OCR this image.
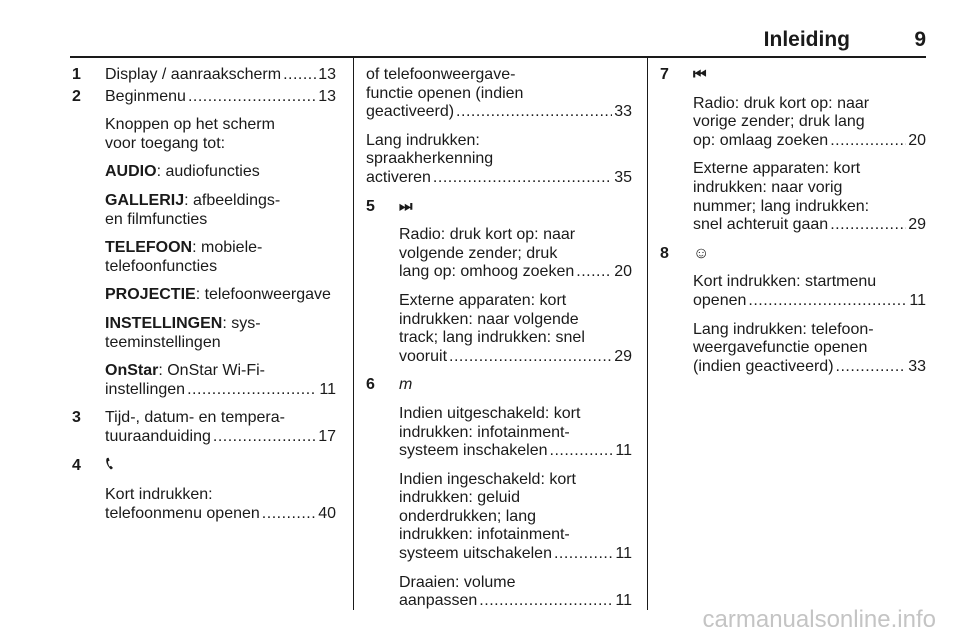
Inleiding	9
1	Display / aanraakscherm ..... 13
2	Beginmenu .....	13
Knoppen op het scherm
voor toegang tot:
AUDIO: audiofuncties
GALLERIJ: afbeeldings-
en filmfuncties
TELEFOON: mobiele-
telefoonfuncties
PROJECTIE: telefoonweergave
INSTELLINGEN: sys-
teeminstellingen
OnStar: OnStar Wi-Fi-
instellingen .....	11
3	Tijd-, datum- en tempera-
tuuraanduiding .....	17
4
Kort indrukken:
telefoonmenu openen .....	40
of telefoonweergave-
functie openen (indien
geactiveerd) .....	33
Lang indrukken:
spraakherkenning
activeren .....	35
5	⏭
Radio: druk kort op: naar
volgende zender; druk
lang op: omhoog zoeken ..... 20
Externe apparaten: kort
indrukken: naar volgende
track; lang indrukken: snel
vooruit .....	29
6	m
Indien uitgeschakeld: kort
indrukken: infotainment-
systeem inschakelen .....	11
Indien ingeschakeld: kort
indrukken: geluid
onderdrukken; lang
indrukken: infotainment-
systeem uitschakelen .....	11
Draaien: volume
aanpassen .....	11
7	⏮
Radio: druk kort op: naar
vorige zender; druk lang
op: omlaag zoeken .....	20
Externe apparaten: kort
indrukken: naar vorig
nummer; lang indrukken:
snel achteruit gaan .....	29
8	☺
Kort indrukken: startmenu
openen .....	11
Lang indrukken: telefoon-
weergavefunctie openen
(indien geactiveerd) .....	33
carmanualsonline.info
